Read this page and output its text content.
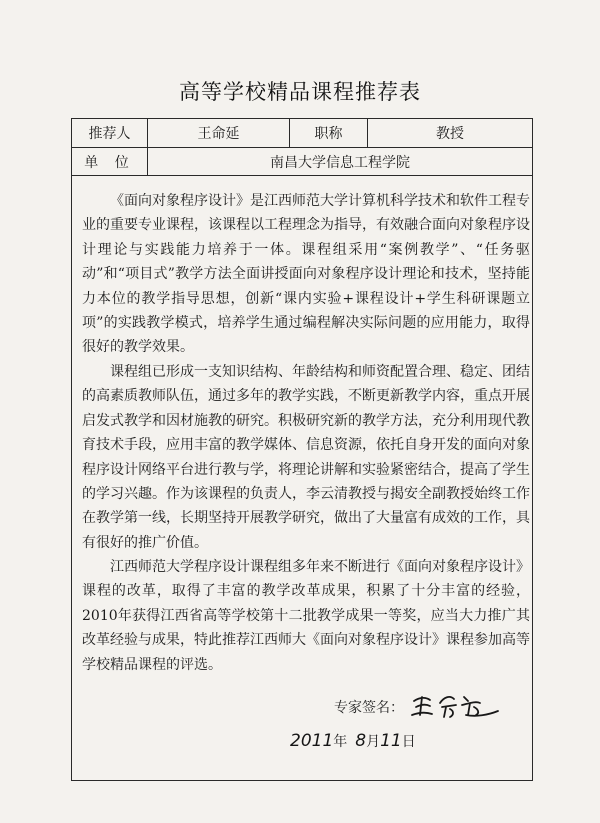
高等学校精品课程推荐表
推荐人	王命延	职称	教授
单 位	南昌大学信息工程学院

《面向对象程序设计》是江西师范大学计算机科学技术和软件工程专业的重要专业课程，该课程以工程理念为指导，有效融合面向对象程序设计理论与实践能力培养于一体。课程组采用“案例教学”、“任务驱动”和“项目式”教学方法全面讲授面向对象程序设计理论和技术，坚持能力本位的教学指导思想，创新“课内实验+课程设计+学生科研课题立项”的实践教学模式，培养学生通过编程解决实际问题的应用能力，取得很好的教学效果。

课程组已形成一支知识结构、年龄结构和师资配置合理、稳定、团结的高素质教师队伍，通过多年的教学实践，不断更新教学内容，重点开展启发式教学和因材施教的研究。积极研究新的教学方法，充分利用现代教育技术手段，应用丰富的教学媒体、信息资源，依托自身开发的面向对象程序设计网络平台进行教与学，将理论讲解和实验紧密结合，提高了学生的学习兴趣。作为该课程的负责人，李云清教授与揭安全副教授始终工作在教学第一线，长期坚持开展教学研究，做出了大量富有成效的工作，具有很好的推广价值。

江西师范大学程序设计课程组多年来不断进行《面向对象程序设计》课程的改革，取得了丰富的教学改革成果，积累了十分丰富的经验，2010年获得江西省高等学校第十二批教学成果一等奖，应当大力推广其改革经验与成果，特此推荐江西师大《面向对象程序设计》课程参加高等学校精品课程的评选。

专家签名：
2011 年 8 月 11 日
